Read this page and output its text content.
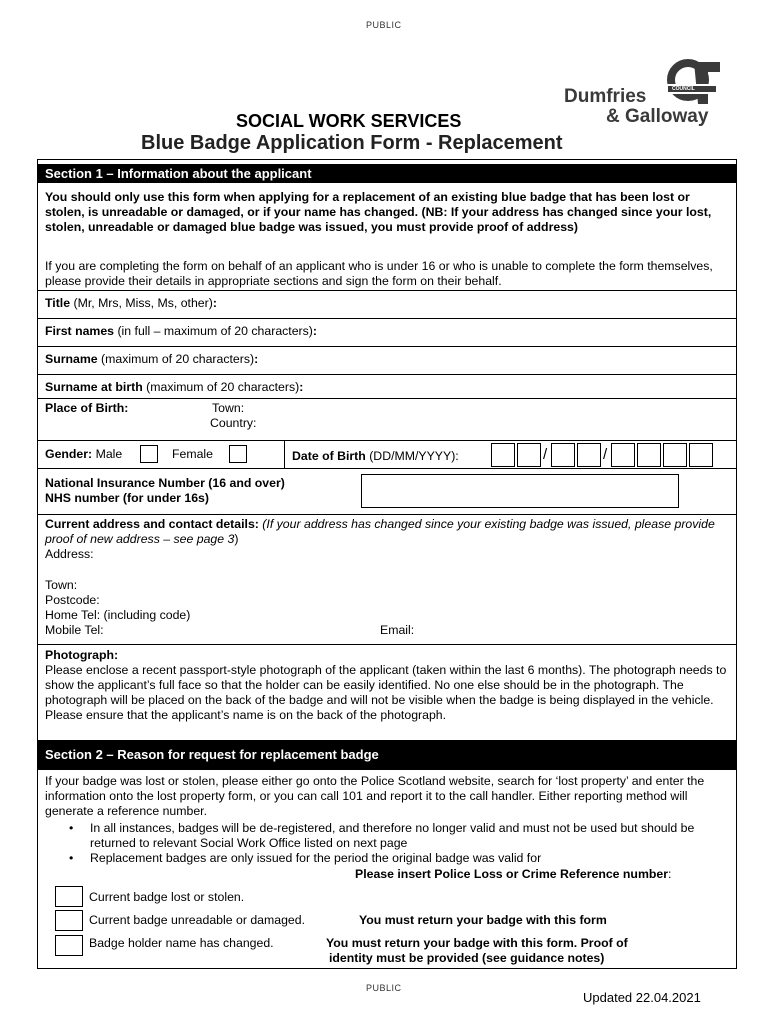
PUBLIC
COUNCIL
Dumfries
& Galloway
SOCIAL WORK SERVICES
Blue Badge Application Form - Replacement
Section 1 – Information about the applicant
You should only use this form when applying for a replacement of an existing blue badge that has been lost or stolen, is unreadable or damaged, or if your name has changed. (NB: If your address has changed since your lost, stolen, unreadable or damaged blue badge was issued, you must provide proof of address)
If you are completing the form on behalf of an applicant who is under 16 or who is unable to complete the form themselves, please provide their details in appropriate sections and sign the form on their behalf.
Title (Mr, Mrs, Miss, Ms, other):
First names (in full – maximum of 20 characters):
Surname (maximum of 20 characters):
Surname at birth (maximum of 20 characters):
Place of Birth:	Town:
Country:
Gender: Male	Female	Date of Birth (DD/MM/YYYY):	/	/
National Insurance Number (16 and over)
NHS number (for under 16s)
Current address and contact details: (If your address has changed since your existing badge was issued, please provide proof of new address – see page 3)
Address:
Town:
Postcode:
Home Tel: (including code)
Mobile Tel:	Email:
Photograph:
Please enclose a recent passport-style photograph of the applicant (taken within the last 6 months). The photograph needs to show the applicant’s full face so that the holder can be easily identified. No one else should be in the photograph. The photograph will be placed on the back of the badge and will not be visible when the badge is being displayed in the vehicle. Please ensure that the applicant’s name is on the back of the photograph.
Section 2 – Reason for request for replacement badge
If your badge was lost or stolen, please either go onto the Police Scotland website, search for ‘lost property’ and enter the information onto the lost property form, or you can call 101 and report it to the call handler. Either reporting method will generate a reference number.
• In all instances, badges will be de-registered, and therefore no longer valid and must not be used but should be returned to relevant Social Work Office listed on next page
• Replacement badges are only issued for the period the original badge was valid for
Please insert Police Loss or Crime Reference number:
Current badge lost or stolen.
Current badge unreadable or damaged.	You must return your badge with this form
Badge holder name has changed.	You must return your badge with this form. Proof of
identity must be provided (see guidance notes)
PUBLIC
Updated 22.04.2021
